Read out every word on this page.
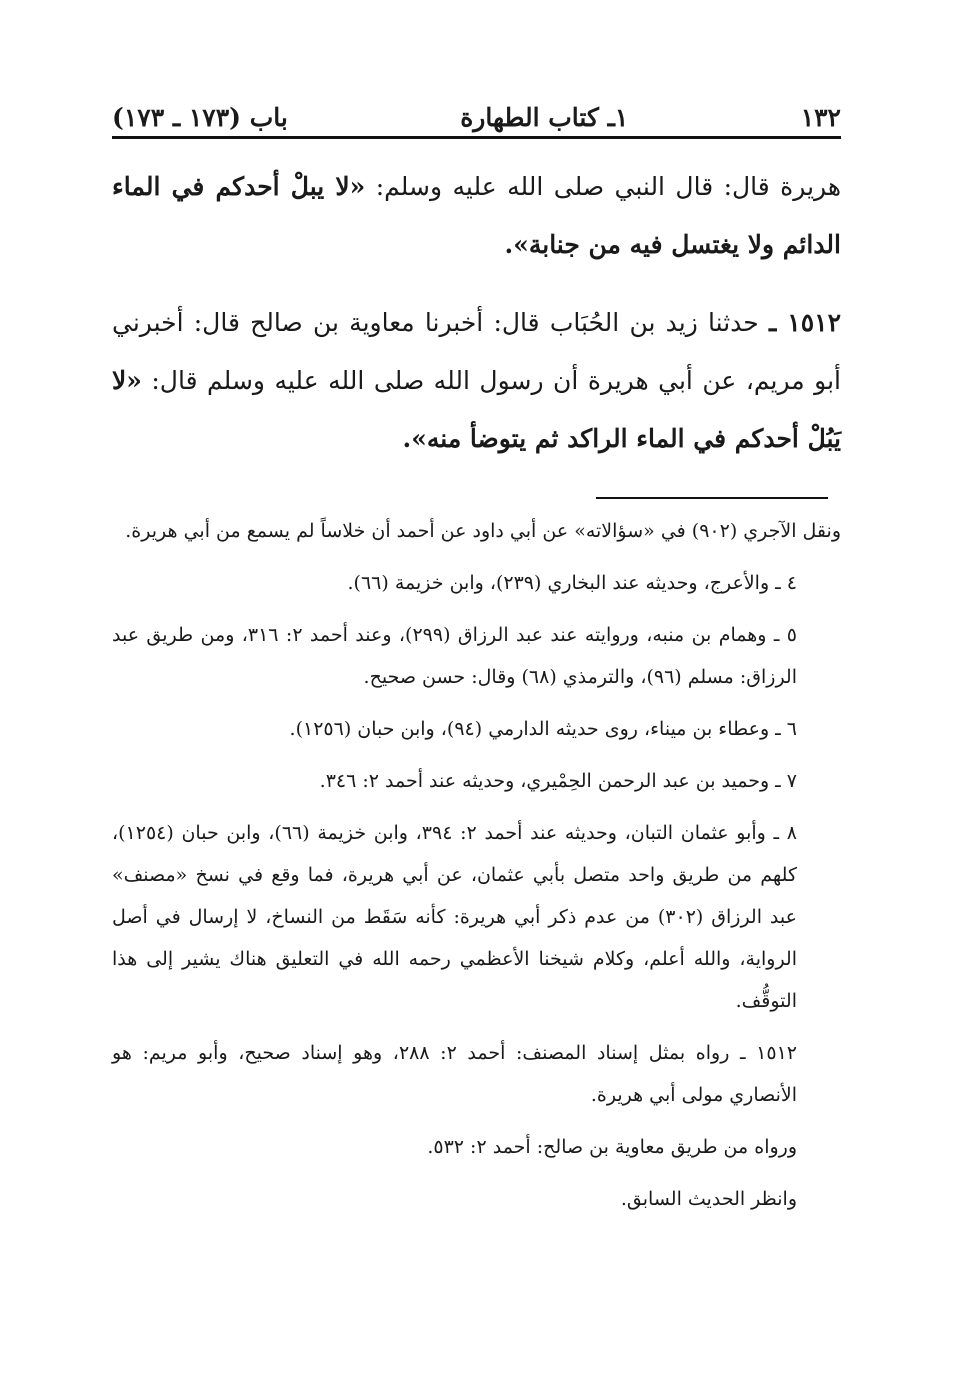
١٣٢
١ـ كتاب الطهارة
باب (١٧٣ ـ ١٧٣)

هريرة قال: قال النبي صلى الله عليه وسلم: «لا يبلْ أحدكم في الماء الدائم ولا يغتسل فيه من جنابة».

١٥١٢ ـ حدثنا زيد بن الحُبَاب قال: أخبرنا معاوية بن صالح قال: أخبرني أبو مريم، عن أبي هريرة أن رسول الله صلى الله عليه وسلم قال: «لا يَبُلْ أحدكم في الماء الراكد ثم يتوضأ منه».

ونقل الآجري (٩٠٢) في «سؤالاته» عن أبي داود عن أحمد أن خلاساً لم يسمع من أبي هريرة.

٤ ـ والأعرج، وحديثه عند البخاري (٢٣٩)، وابن خزيمة (٦٦).

٥ ـ وهمام بن منبه، وروايته عند عبد الرزاق (٢٩٩)، وعند أحمد ٢: ٣١٦، ومن طريق عبد الرزاق: مسلم (٩٦)، والترمذي (٦٨) وقال: حسن صحيح.

٦ ـ وعطاء بن ميناء، روى حديثه الدارمي (٩٤)، وابن حبان (١٢٥٦).

٧ ـ وحميد بن عبد الرحمن الحِمْيري، وحديثه عند أحمد ٢: ٣٤٦.

٨ ـ وأبو عثمان التبان، وحديثه عند أحمد ٢: ٣٩٤، وابن خزيمة (٦٦)، وابن حبان (١٢٥٤)، كلهم من طريق واحد متصل بأبي عثمان، عن أبي هريرة، فما وقع في نسخ «مصنف» عبد الرزاق (٣٠٢) من عدم ذكر أبي هريرة: كأنه سَقَط من النساخ، لا إرسال في أصل الرواية، والله أعلم، وكلام شيخنا الأعظمي رحمه الله في التعليق هناك يشير إلى هذا التوقُّف.

١٥١٢ ـ رواه بمثل إسناد المصنف: أحمد ٢: ٢٨٨، وهو إسناد صحيح، وأبو مريم: هو الأنصاري مولى أبي هريرة.

ورواه من طريق معاوية بن صالح: أحمد ٢: ٥٣٢.

وانظر الحديث السابق.
